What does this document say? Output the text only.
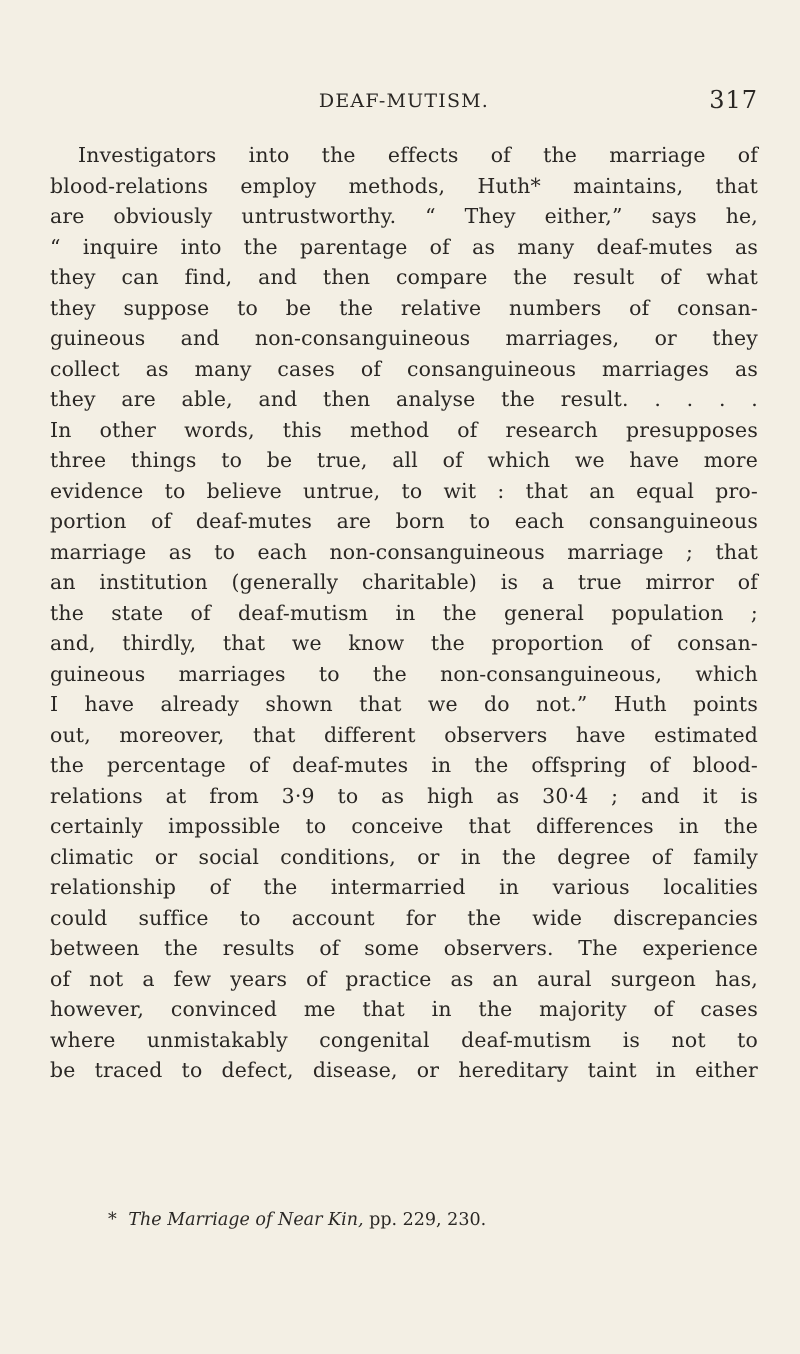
DEAF-MUTISM.	317
Investigators into the effects of the marriage of
blood-relations employ methods, Huth* maintains, that
are obviously untrustworthy. “ They either,” says he,
“ inquire into the parentage of as many deaf-mutes as
they can find, and then compare the result of what
they suppose to be the relative numbers of consan-
guineous and non-consanguineous marriages, or they
collect as many cases of consanguineous marriages as
they are able, and then analyse the result. . . . .
In other words, this method of research presupposes
three things to be true, all of which we have more
evidence to believe untrue, to wit : that an equal pro-
portion of deaf-mutes are born to each consanguineous
marriage as to each non-consanguineous marriage ; that
an institution (generally charitable) is a true mirror of
the state of deaf-mutism in the general population ;
and, thirdly, that we know the proportion of consan-
guineous marriages to the non-consanguineous, which
I have already shown that we do not.” Huth points
out, moreover, that different observers have estimated
the percentage of deaf-mutes in the offspring of blood-
relations at from 3·9 to as high as 30·4 ; and it is
certainly impossible to conceive that differences in the
climatic or social conditions, or in the degree of family
relationship of the intermarried in various localities
could suffice to account for the wide discrepancies
between the results of some observers. The experience
of not a few years of practice as an aural surgeon has,
however, convinced me that in the majority of cases
where unmistakably congenital deaf-mutism is not to
be traced to defect, disease, or hereditary taint in either
* The Marriage of Near Kin, pp. 229, 230.
